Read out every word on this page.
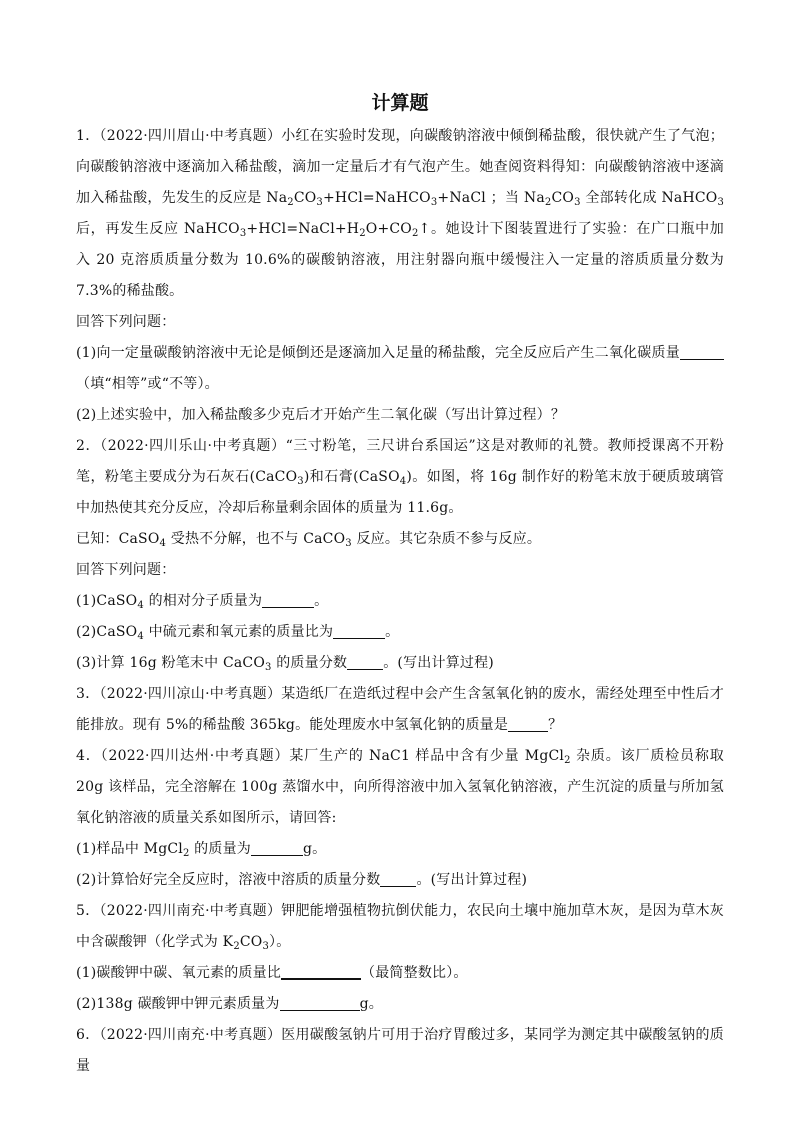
计算题

1．（2022·四川眉山·中考真题）小红在实验时发现，向碳酸钠溶液中倾倒稀盐酸，很快就产生了气泡；向碳酸钠溶液中逐滴加入稀盐酸，滴加一定量后才有气泡产生。她查阅资料得知：向碳酸钠溶液中逐滴加入稀盐酸，先发生的反应是 $Na_2CO_3+HCl=NaHCO_3+NaCl$ ；当 $Na_2CO_3$ 全部转化成 NaHCO$_3$ 后，再发生反应 $NaHCO_3+HCl=NaCl+H_2O+CO_2↑$。她设计下图装置进行了实验：在广口瓶中加入 20 克溶质质量分数为 10.6%的碳酸钠溶液，用注射器向瓶中缓慢注入一定量的溶质质量分数为 7.3%的稀盐酸。

回答下列问题：

(1)向一定量碳酸钠溶液中无论是倾倒还是逐滴加入足量的稀盐酸，完全反应后产生二氧化碳质量（填“相等”或“不等）。

(2)上述实验中，加入稀盐酸多少克后才开始产生二氧化碳（写出计算过程）？

2．（2022·四川乐山·中考真题）“三寸粉笔，三尺讲台系国运”这是对教师的礼赞。教师授课离不开粉笔，粉笔主要成分为石灰石(CaCO$_3$)和石膏(CaSO$_4$)。如图，将 16g 制作好的粉笔末放于硬质玻璃管中加热使其充分反应，冷却后称量剩余固体的质量为 11.6g。

已知：CaSO$_4$ 受热不分解，也不与 CaCO$_3$ 反应。其它杂质不参与反应。

回答下列问题：

(1)CaSO$_4$ 的相对分子质量为	。

(2)CaSO$_4$ 中硫元素和氧元素的质量比为	。

(3)计算 16g 粉笔末中 CaCO$_3$ 的质量分数	。(写出计算过程)

3．（2022·四川凉山·中考真题）某造纸厂在造纸过程中会产生含氢氧化钠的废水，需经处理至中性后才能排放。现有 5%的稀盐酸 365kg。能处理废水中氢氧化钠的质量是	？

4．（2022·四川达州·中考真题）某厂生产的 NaC1 样品中含有少量 MgCl$_2$ 杂质。该厂质检员称取 20g 该样品，完全溶解在 100g 蒸馏水中，向所得溶液中加入氢氧化钠溶液，产生沉淀的质量与所加氢氧化钠溶液的质量关系如图所示，请回答:

(1)样品中 MgCl$_2$ 的质量为	g。

(2)计算恰好完全反应时，溶液中溶质的质量分数	。(写出计算过程)

5．（2022·四川南充·中考真题）钾肥能增强植物抗倒伏能力，农民向土壤中施加草木灰，是因为草木灰中含碳酸钾（化学式为 $K_2CO_3$）。

(1)碳酸钾中碳、氧元素的质量比	（最简整数比）。

(2)138g 碳酸钾中钾元素质量为	g。

6．（2022·四川南充·中考真题）医用碳酸氢钠片可用于治疗胃酸过多，某同学为测定其中碳酸氢钠的质量
